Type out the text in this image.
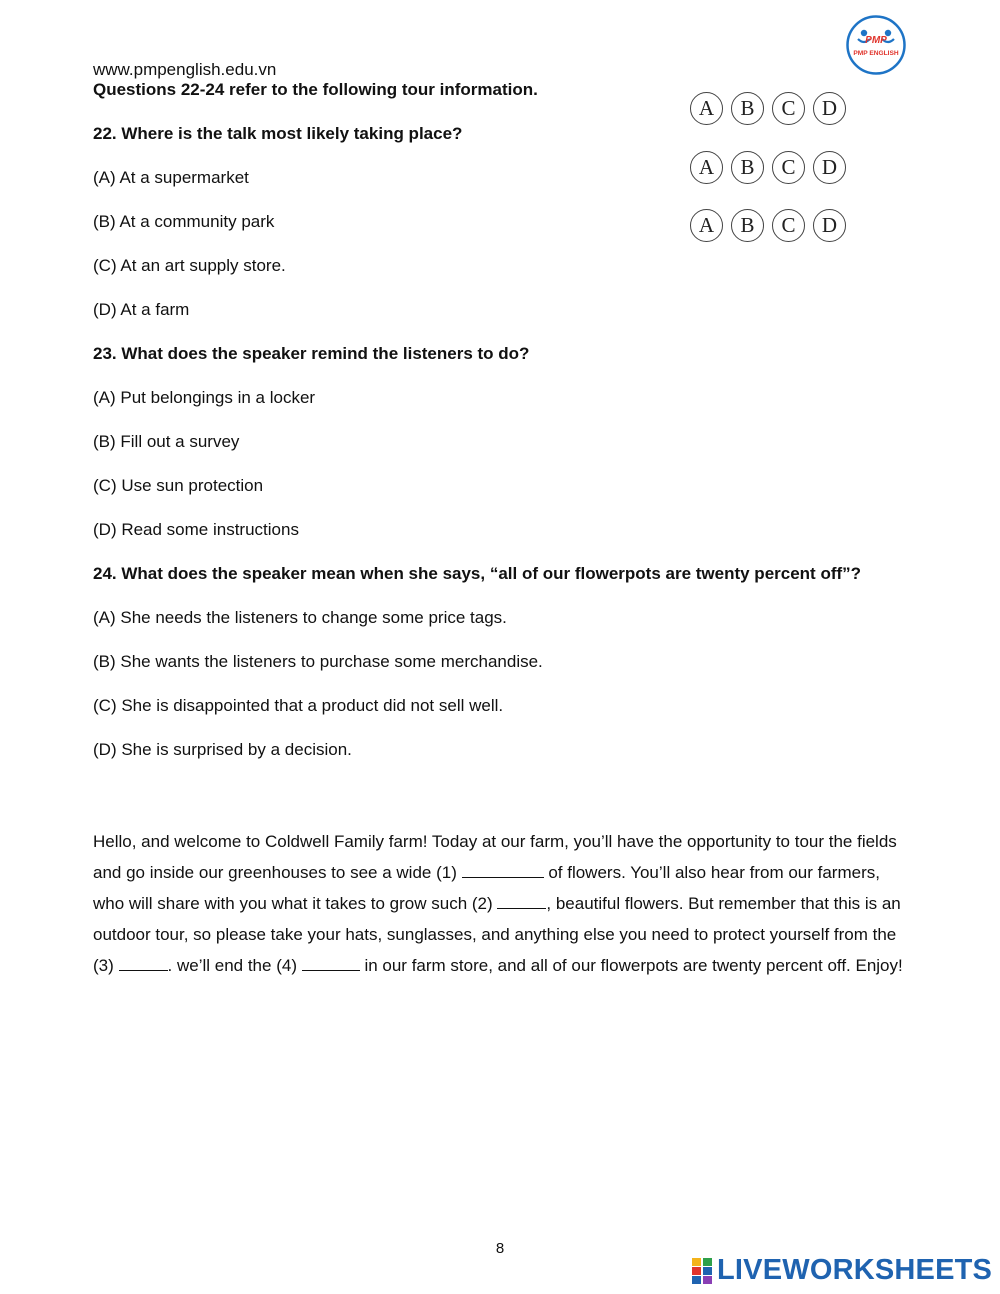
PMP
PMP ENGLISH
www.pmpenglish.edu.vn
Questions 22-24 refer to the following tour information.
A	B	C	D
A	B	C	D
A	B	C	D
22. Where is the talk most likely taking place?
(A) At a supermarket
(B) At a community park
(C) At an art supply store.
(D) At a farm
23. What does the speaker remind the listeners to do?
(A) Put belongings in a locker
(B) Fill out a survey
(C) Use sun protection
(D) Read some instructions
24. What does the speaker mean when she says, “all of our flowerpots are twenty percent off”?
(A) She needs the listeners to change some price tags.
(B) She wants the listeners to purchase some merchandise.
(C) She is disappointed that a product did not sell well.
(D) She is surprised by a decision.
Hello, and welcome to Coldwell Family farm! Today at our farm, you’ll have the opportunity to tour the fields and go inside our greenhouses to see a wide (1)	of flowers. You’ll also hear from our farmers, who will share with you what it takes to grow such (2)	, beautiful flowers. But remember that this is an outdoor tour, so please take your hats, sunglasses, and anything else you need to protect yourself from the (3)	. we’ll end the (4)	in our farm store, and all of our flowerpots are twenty percent off. Enjoy!
8
LIVEWORKSHEETS
